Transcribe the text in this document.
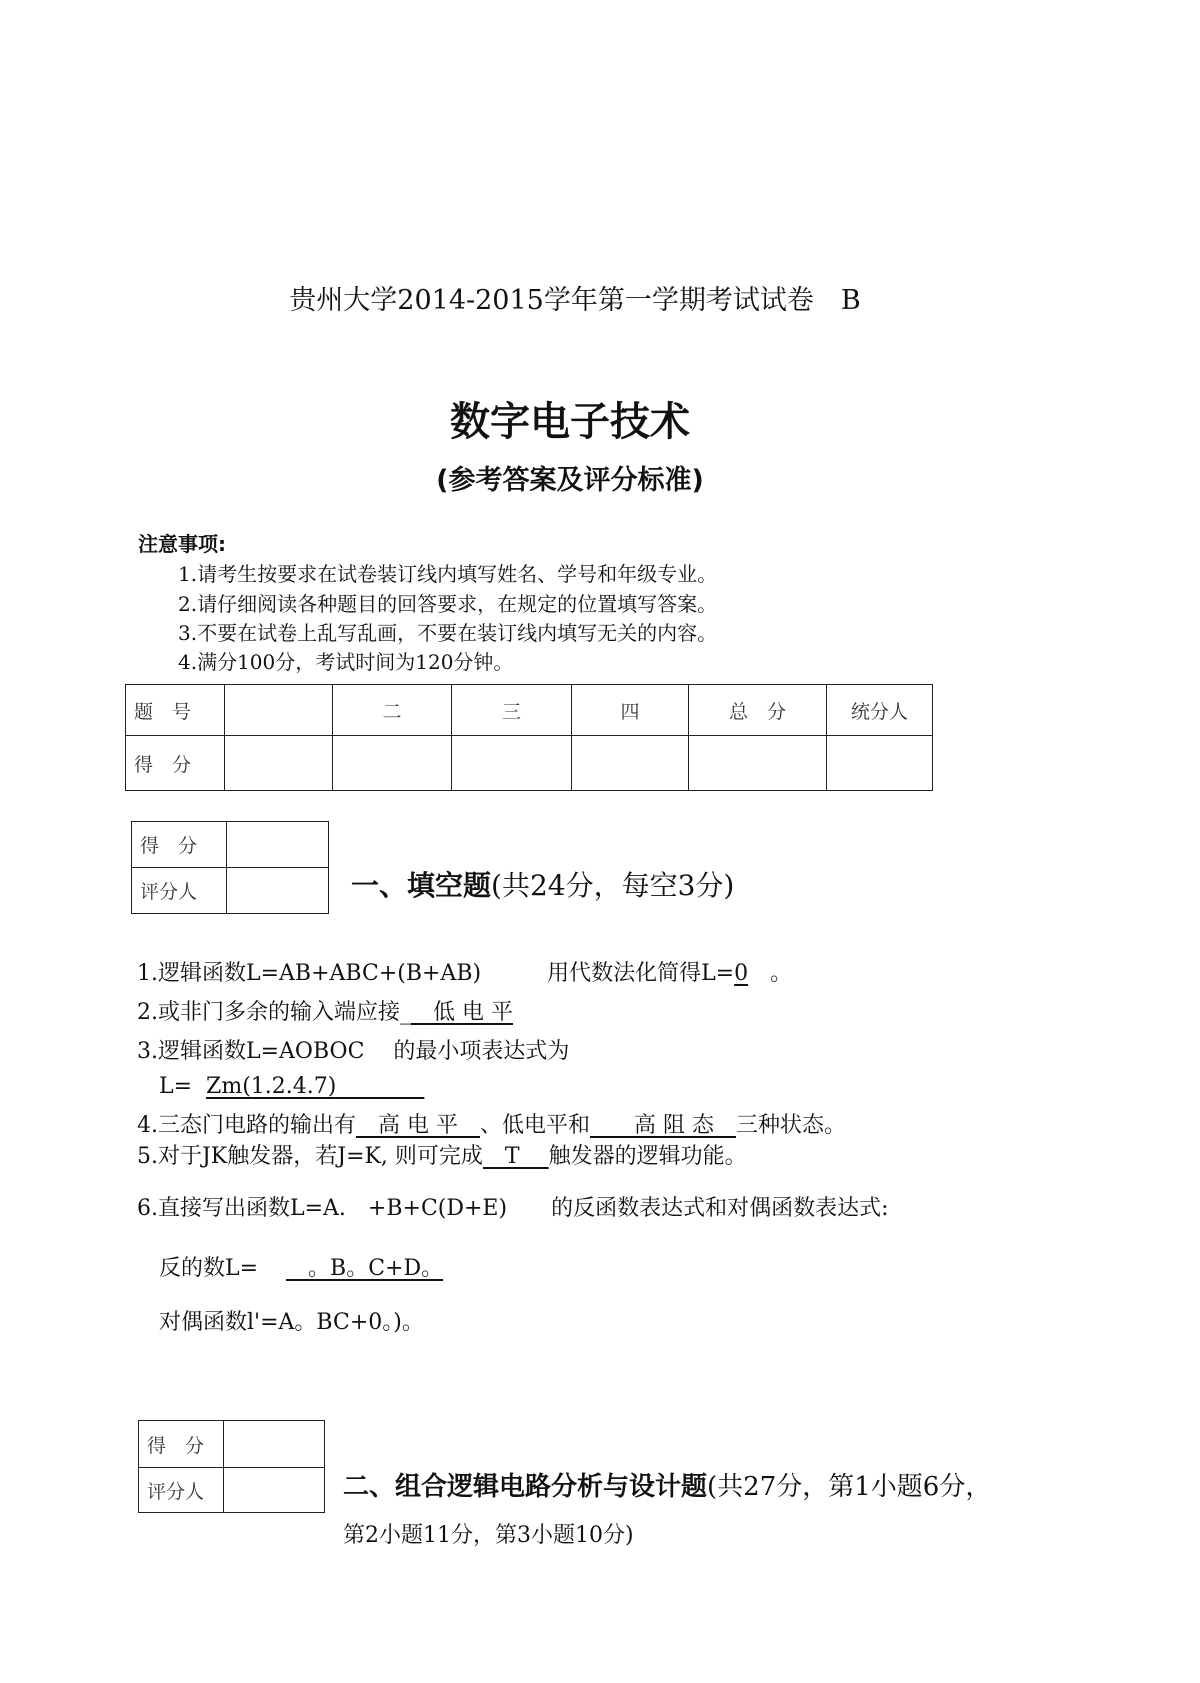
贵州大学2014-2015学年第一学期考试试卷　B
数字电子技术
(参考答案及评分标准)
注意事项:
1.请考生按要求在试卷装订线内填写姓名、学号和年级专业。
2.请仔细阅读各种题目的回答要求，在规定的位置填写答案。
3.不要在试卷上乱写乱画，不要在装订线内填写无关的内容。
4.满分100分，考试时间为120分钟。
题　号		二	三	四	总　分	统分人
得　分						
得　分	
评分人		一、填空题(共24分，每空3分)
1.逻辑函数L=AB+ABC+(B+AB)　　　用代数法化简得L=0　。
2.或非门多余的输入端应接_　低 电 平
3.逻辑函数L=AOBOC　 的最小项表达式为
L= Zm(1.2.4.7)　　　　
4.三态门电路的输出有　高 电 平　、低电平和　　高 阻 态　三种状态。
5.对于JK触发器，若J=K, 则可完成　T　 触发器的逻辑功能。
6.直接写出函数L=A.　+B+C(D+E)　　的反函数表达式和对偶函数表达式:
反的数L=    　。B。C+D。
对偶函数l'=A。BC+0。)。
得　分	
评分人		二、组合逻辑电路分析与设计题(共27分，第1小题6分，
第2小题11分，第3小题10分)
